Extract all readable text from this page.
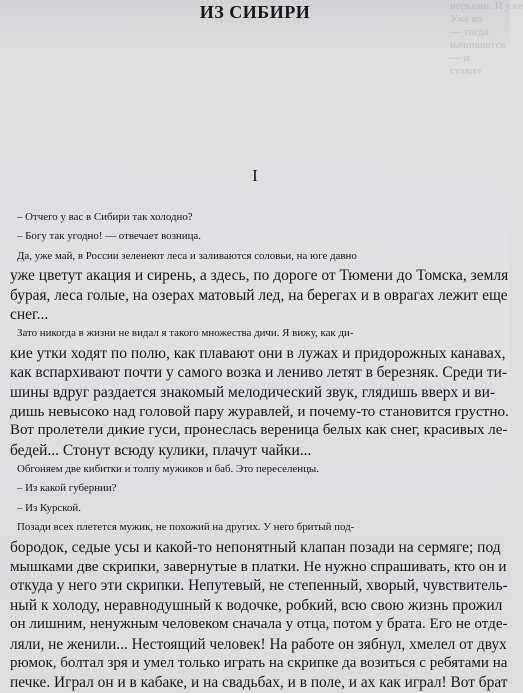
перьями. И уже
Уже ко
— тогда
начинаются
— и
ставил
ИЗ СИБИРИ
I
– Отчего у вас в Сибири так холодно?
– Богу так угодно! — отвечает возница.
Да, уже май, в России зеленеют леса и заливаются соловьи, на юге давно
уже цветут акация и сирень, а здесь, по дороге от Тюмени до Томска, земля
бурая, леса голые, на озерах матовый лед, на берегах и в оврагах лежит еще
снег...
Зато никогда в жизни не видал я такого множества дичи. Я вижу, как ди-
кие утки ходят по полю, как плавают они в лужах и придорожных канавах,
как вспархивают почти у самого возка и лениво летят в березняк. Среди ти-
шины вдруг раздается знакомый мелодический звук, глядишь вверх и ви-
дишь невысоко над головой пару журавлей, и почему-то становится грустно.
Вот пролетели дикие гуси, пронеслась вереница белых как снег, красивых ле-
бедей... Стонут всюду кулики, плачут чайки...
Обгоняем две кибитки и толпу мужиков и баб. Это переселенцы.
– Из какой губернии?
– Из Курской.
Позади всех плетется мужик, не похожий на других. У него бритый под-
бородок, седые усы и какой-то непонятный клапан позади на сермяге; под
мышками две скрипки, завернутые в платки. Не нужно спрашивать, кто он и
откуда у него эти скрипки. Непутевый, не степенный, хворый, чувствитель-
ный к холоду, неравнодушный к водочке, робкий, всю свою жизнь прожил
он лишним, ненужным человеком сначала у отца, потом у брата. Его не отде-
ляли, не женили... Нестоящий человек! На работе он зябнул, хмелел от двух
рюмок, болтал зря и умел только играть на скрипке да возиться с ребятами на
печке. Играл он и в кабаке, и на свадьбах, и в поле, и ах как играл! Вот брат
